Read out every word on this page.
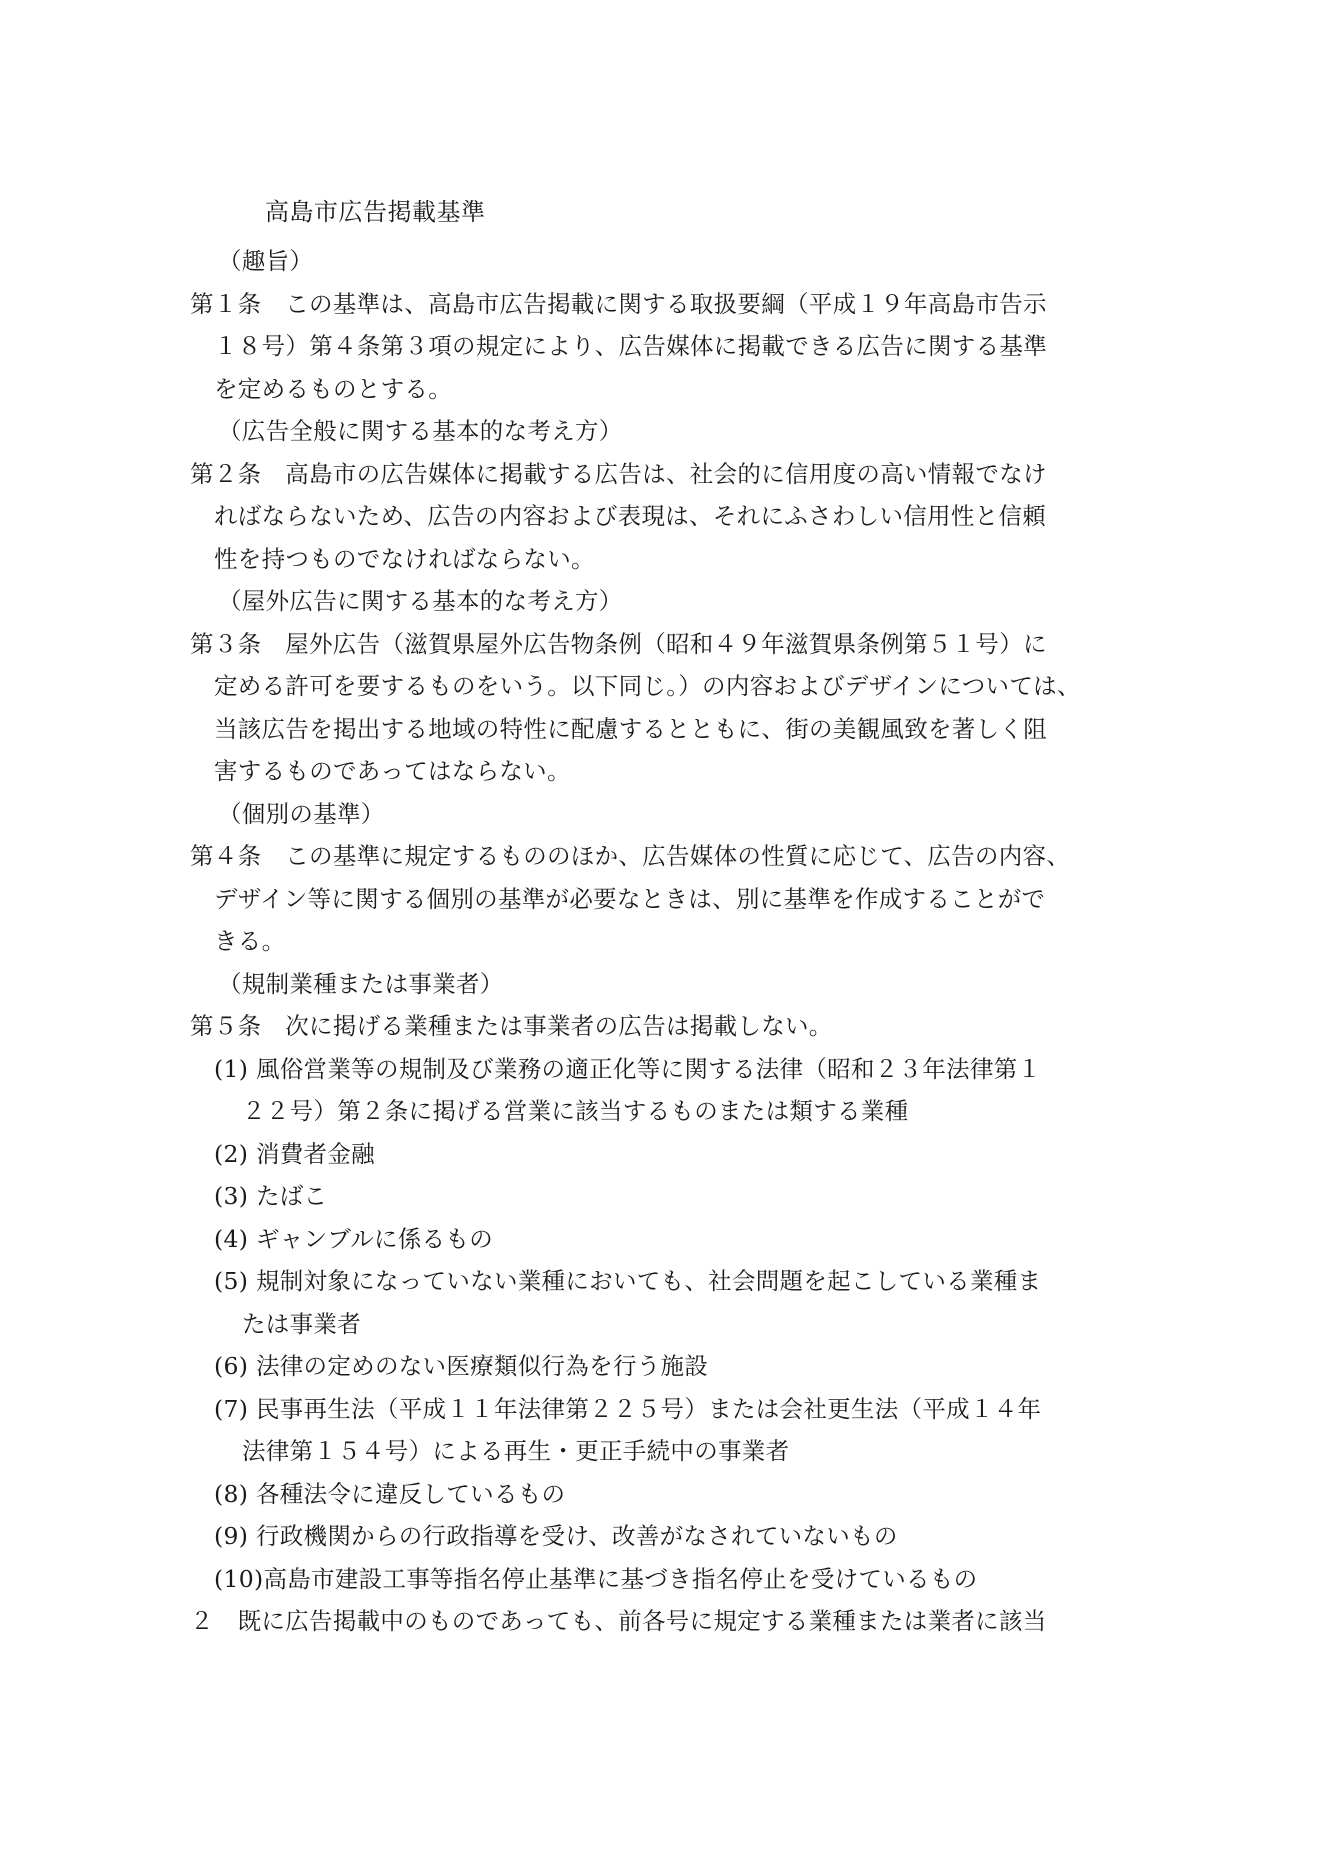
高島市広告掲載基準
（趣旨）
第１条　この基準は、高島市広告掲載に関する取扱要綱（平成１９年高島市告示
１８号）第４条第３項の規定により、広告媒体に掲載できる広告に関する基準
を定めるものとする。
（広告全般に関する基本的な考え方）
第２条　高島市の広告媒体に掲載する広告は、社会的に信用度の高い情報でなけ
ればならないため、広告の内容および表現は、それにふさわしい信用性と信頼
性を持つものでなければならない。
（屋外広告に関する基本的な考え方）
第３条　屋外広告（滋賀県屋外広告物条例（昭和４９年滋賀県条例第５１号）に
定める許可を要するものをいう。以下同じ。）の内容およびデザインについては、
当該広告を掲出する地域の特性に配慮するとともに、街の美観風致を著しく阻
害するものであってはならない。
（個別の基準）
第４条　この基準に規定するもののほか、広告媒体の性質に応じて、広告の内容、
デザイン等に関する個別の基準が必要なときは、別に基準を作成することがで
きる。
（規制業種または事業者）
第５条　次に掲げる業種または事業者の広告は掲載しない。
(1) 風俗営業等の規制及び業務の適正化等に関する法律（昭和２３年法律第１
２２号）第２条に掲げる営業に該当するものまたは類する業種
(2) 消費者金融
(3) たばこ
(4) ギャンブルに係るもの
(5) 規制対象になっていない業種においても、社会問題を起こしている業種ま
たは事業者
(6) 法律の定めのない医療類似行為を行う施設
(7) 民事再生法（平成１１年法律第２２５号）または会社更生法（平成１４年
法律第１５４号）による再生・更正手続中の事業者
(8) 各種法令に違反しているもの
(9) 行政機関からの行政指導を受け、改善がなされていないもの
(10)高島市建設工事等指名停止基準に基づき指名停止を受けているもの
２　既に広告掲載中のものであっても、前各号に規定する業種または業者に該当
